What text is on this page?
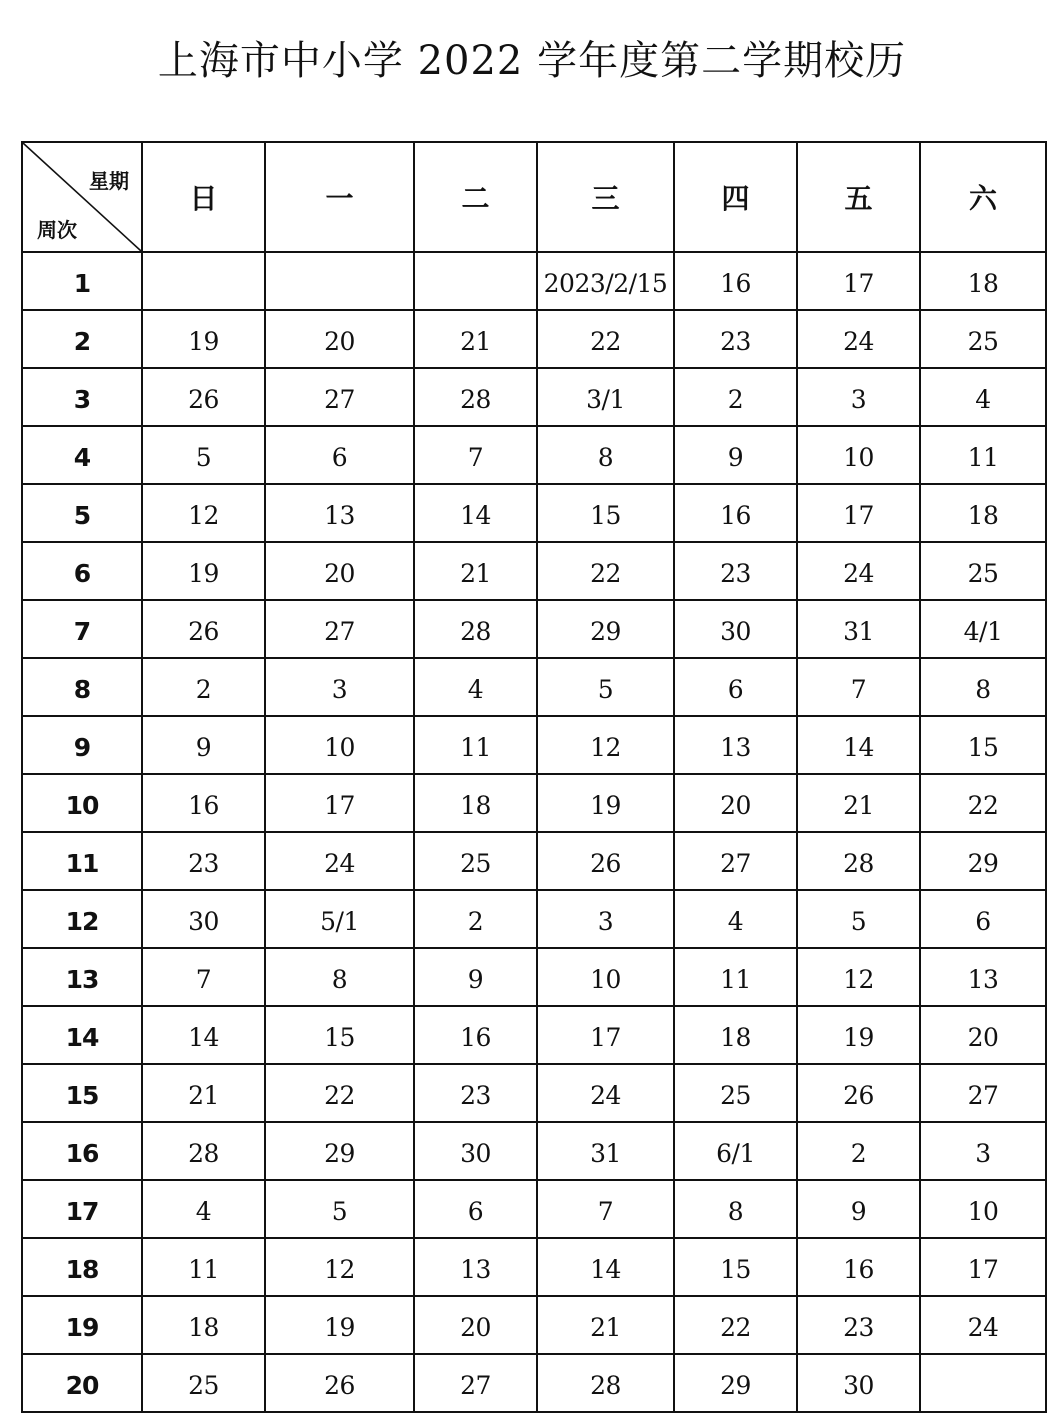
上海市中小学 2022 学年度第二学期校历
星期
周次	日	一	二	三	四	五	六
1				2023/2/15	16	17	18
2	19	20	21	22	23	24	25
3	26	27	28	3/1	2	3	4
4	5	6	7	8	9	10	11
5	12	13	14	15	16	17	18
6	19	20	21	22	23	24	25
7	26	27	28	29	30	31	4/1
8	2	3	4	5	6	7	8
9	9	10	11	12	13	14	15
10	16	17	18	19	20	21	22
11	23	24	25	26	27	28	29
12	30	5/1	2	3	4	5	6
13	7	8	9	10	11	12	13
14	14	15	16	17	18	19	20
15	21	22	23	24	25	26	27
16	28	29	30	31	6/1	2	3
17	4	5	6	7	8	9	10
18	11	12	13	14	15	16	17
19	18	19	20	21	22	23	24
20	25	26	27	28	29	30	
